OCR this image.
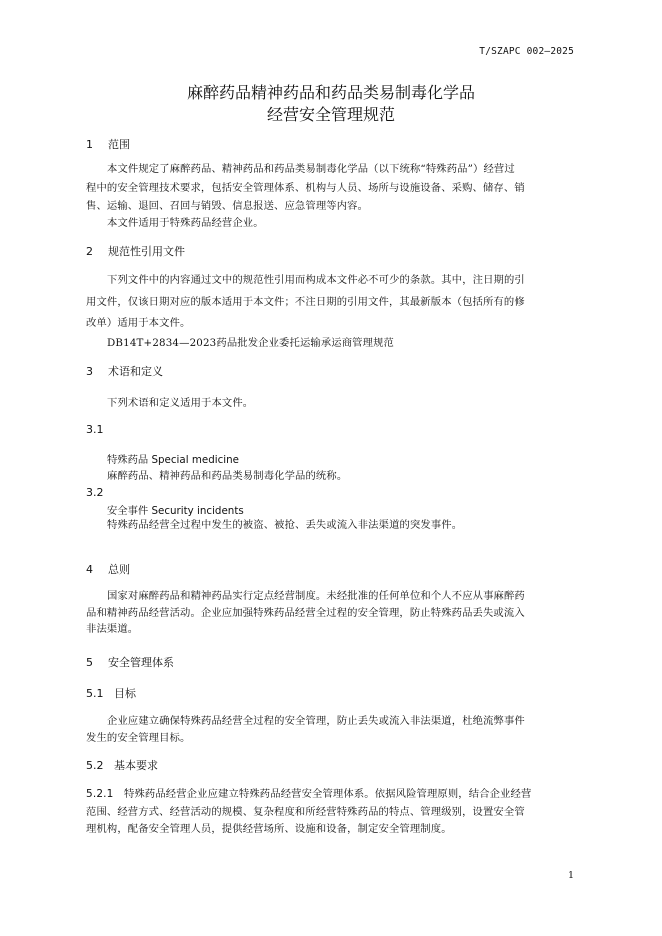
T/SZAPC 002—2025
麻醉药品精神药品和药品类易制毒化学品
经营安全管理规范
1 范围
本文件规定了麻醉药品、精神药品和药品类易制毒化学品（以下统称“特殊药品”）经营过
程中的安全管理技术要求，包括安全管理体系、机构与人员、场所与设施设备、采购、储存、销
售、运输、退回、召回与销毁、信息报送、应急管理等内容。
本文件适用于特殊药品经营企业。
2 规范性引用文件
下列文件中的内容通过文中的规范性引用而构成本文件必不可少的条款。其中，注日期的引
用文件，仅该日期对应的版本适用于本文件；不注日期的引用文件，其最新版本（包括所有的修
改单）适用于本文件。
DB14T+2834—2023药品批发企业委托运输承运商管理规范
3 术语和定义
下列术语和定义适用于本文件。
3.1
特殊药品 Special medicine
麻醉药品、精神药品和药品类易制毒化学品的统称。
3.2
安全事件 Security incidents
特殊药品经营全过程中发生的被盗、被抢、丢失或流入非法渠道的突发事件。
4 总则
国家对麻醉药品和精神药品实行定点经营制度。未经批准的任何单位和个人不应从事麻醉药
品和精神药品经营活动。企业应加强特殊药品经营全过程的安全管理，防止特殊药品丢失或流入
非法渠道。
5 安全管理体系
5.1 目标
企业应建立确保特殊药品经营全过程的安全管理，防止丢失或流入非法渠道，杜绝流弊事件
发生的安全管理目标。
5.2 基本要求
5.2.1 特殊药品经营企业应建立特殊药品经营安全管理体系。依据风险管理原则，结合企业经营
范围、经营方式、经营活动的规模、复杂程度和所经营特殊药品的特点、管理级别，设置安全管
理机构，配备安全管理人员，提供经营场所、设施和设备，制定安全管理制度。
1
